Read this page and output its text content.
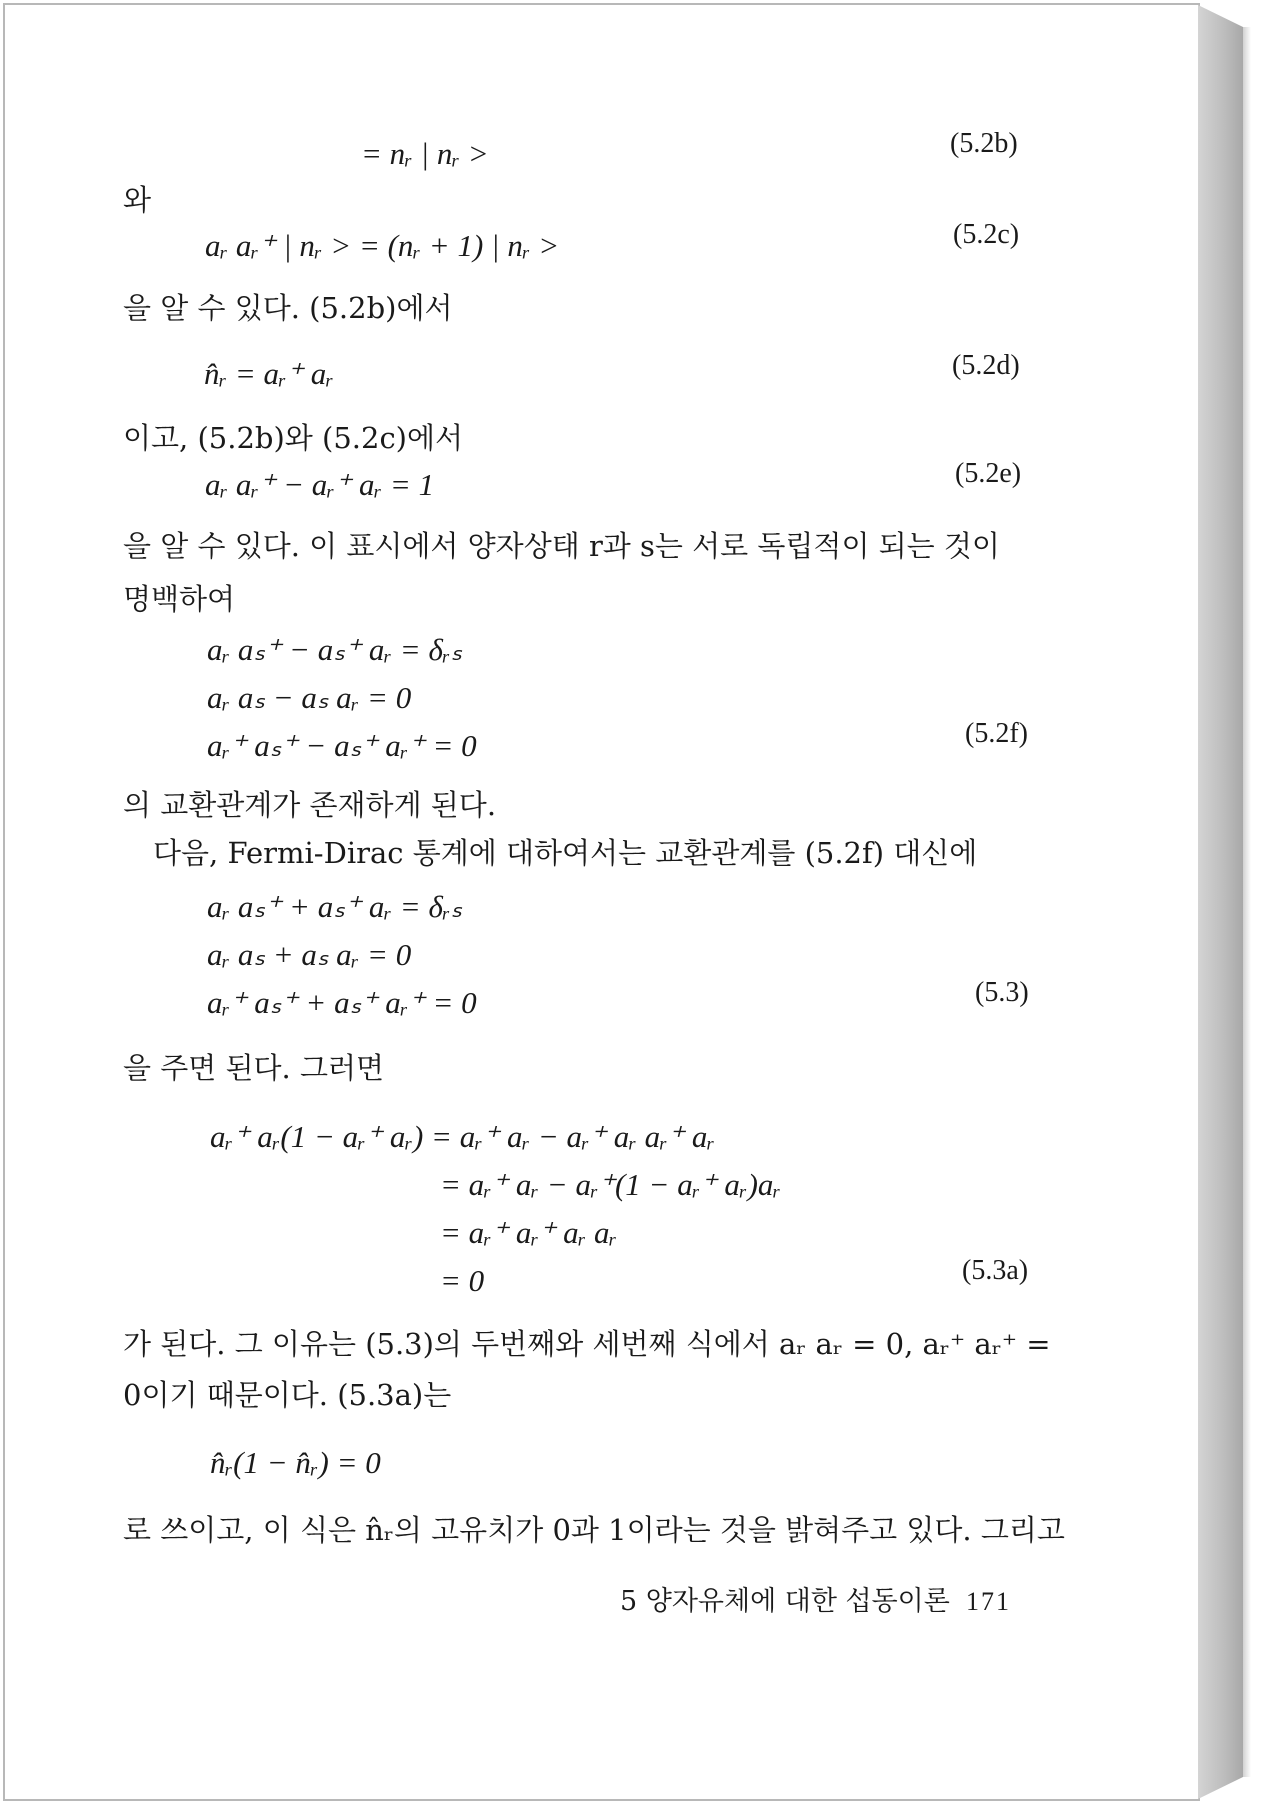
= nᵣ | nᵣ >	(5.2b)
와
aᵣ aᵣ⁺ | nᵣ > = (nᵣ + 1) | nᵣ >	(5.2c)
을 알 수 있다. (5.2b)에서
n̂ᵣ = aᵣ⁺ aᵣ	(5.2d)
이고, (5.2b)와 (5.2c)에서
aᵣ aᵣ⁺ − aᵣ⁺ aᵣ = 1	(5.2e)
을 알 수 있다. 이 표시에서 양자상태 r과 s는 서로 독립적이 되는 것이
명백하여
aᵣ aₛ⁺ − aₛ⁺ aᵣ = δᵣₛ
aᵣ aₛ − aₛ aᵣ = 0
aᵣ⁺ aₛ⁺ − aₛ⁺ aᵣ⁺ = 0	(5.2f)
의 교환관계가 존재하게 된다.
다음, Fermi-Dirac 통계에 대하여서는 교환관계를 (5.2f) 대신에
aᵣ aₛ⁺ + aₛ⁺ aᵣ = δᵣₛ
aᵣ aₛ + aₛ aᵣ = 0
aᵣ⁺ aₛ⁺ + aₛ⁺ aᵣ⁺ = 0	(5.3)
을 주면 된다. 그러면
aᵣ⁺ aᵣ(1 − aᵣ⁺ aᵣ) = aᵣ⁺ aᵣ − aᵣ⁺ aᵣ aᵣ⁺ aᵣ
= aᵣ⁺ aᵣ − aᵣ⁺(1 − aᵣ⁺ aᵣ)aᵣ
= aᵣ⁺ aᵣ⁺ aᵣ aᵣ
= 0	(5.3a)
가 된다. 그 이유는 (5.3)의 두번째와 세번째 식에서 aᵣ aᵣ = 0, aᵣ⁺ aᵣ⁺ =
0이기 때문이다. (5.3a)는
n̂ᵣ(1 − n̂ᵣ) = 0
로 쓰이고, 이 식은 n̂ᵣ의 고유치가 0과 1이라는 것을 밝혀주고 있다. 그리고
5 양자유체에 대한 섭동이론 171
